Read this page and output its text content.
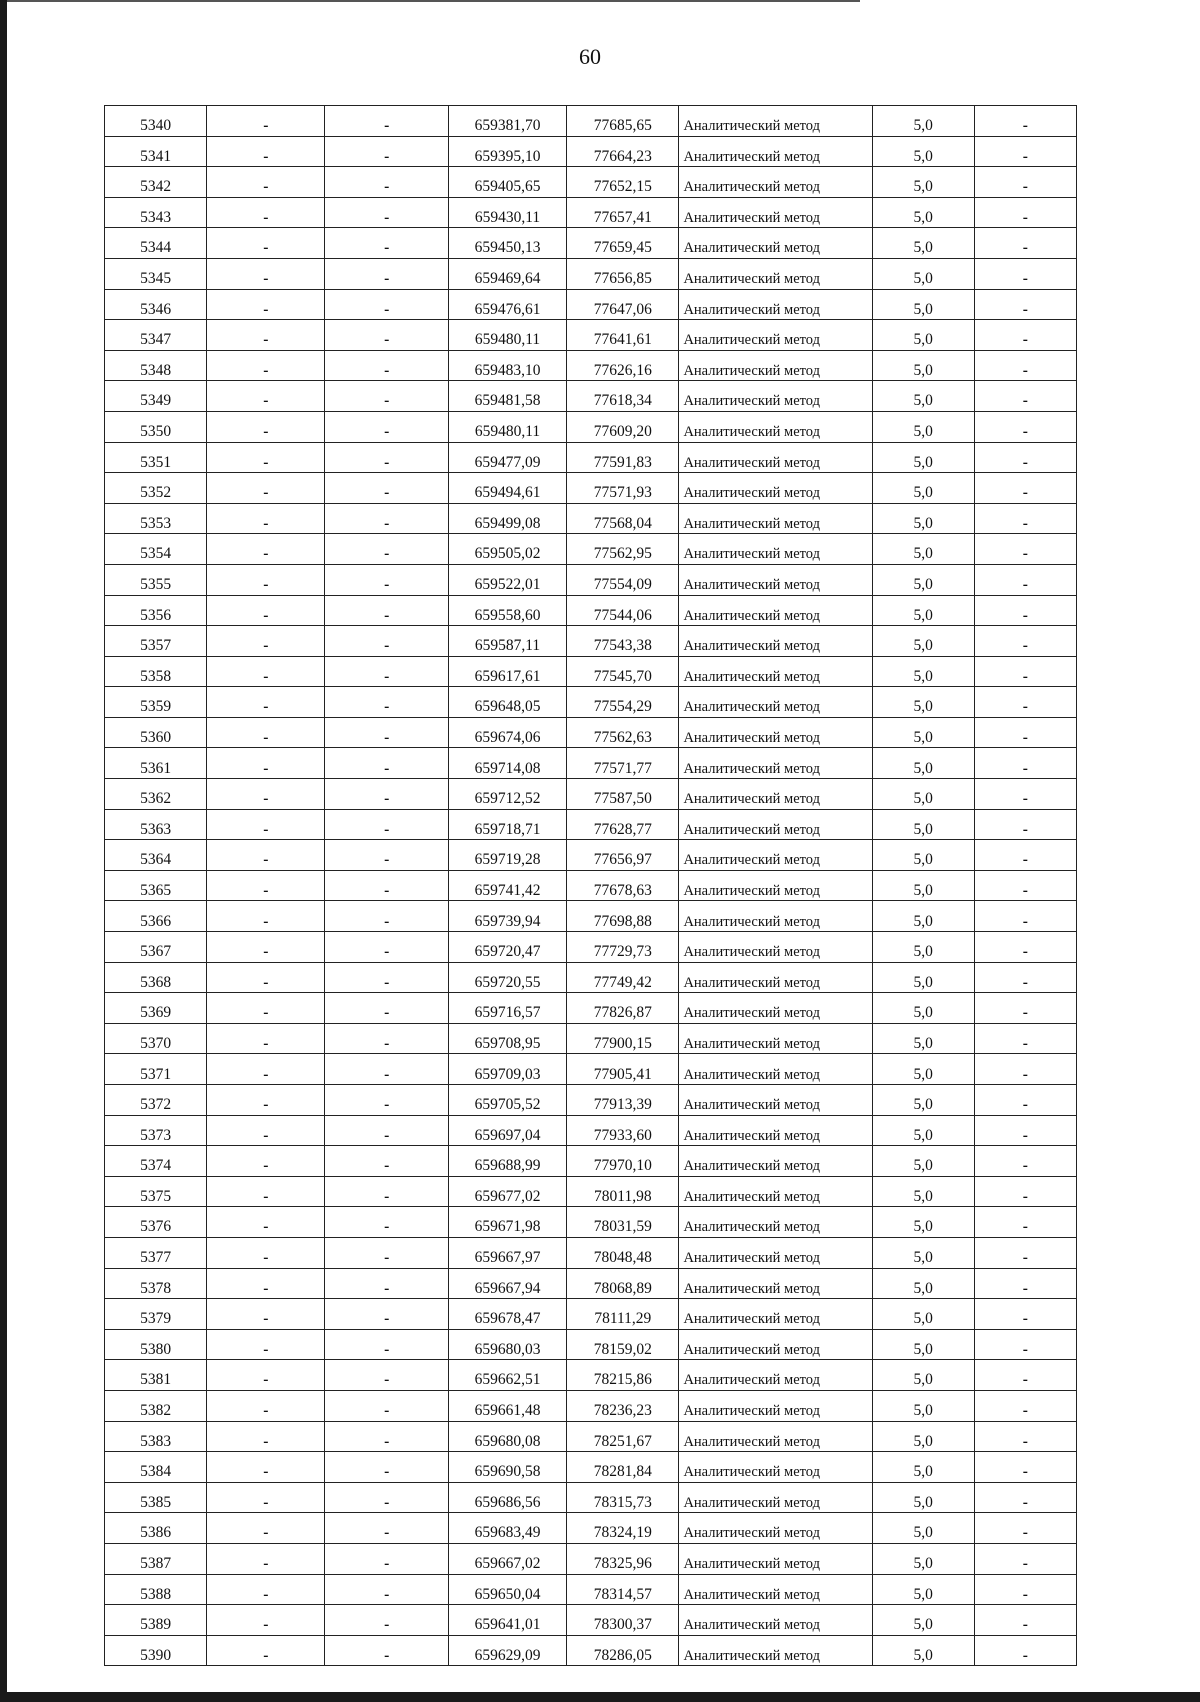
60
5340	-	-	659381,70	77685,65	Аналитический метод	5,0	-
5341	-	-	659395,10	77664,23	Аналитический метод	5,0	-
5342	-	-	659405,65	77652,15	Аналитический метод	5,0	-
5343	-	-	659430,11	77657,41	Аналитический метод	5,0	-
5344	-	-	659450,13	77659,45	Аналитический метод	5,0	-
5345	-	-	659469,64	77656,85	Аналитический метод	5,0	-
5346	-	-	659476,61	77647,06	Аналитический метод	5,0	-
5347	-	-	659480,11	77641,61	Аналитический метод	5,0	-
5348	-	-	659483,10	77626,16	Аналитический метод	5,0	-
5349	-	-	659481,58	77618,34	Аналитический метод	5,0	-
5350	-	-	659480,11	77609,20	Аналитический метод	5,0	-
5351	-	-	659477,09	77591,83	Аналитический метод	5,0	-
5352	-	-	659494,61	77571,93	Аналитический метод	5,0	-
5353	-	-	659499,08	77568,04	Аналитический метод	5,0	-
5354	-	-	659505,02	77562,95	Аналитический метод	5,0	-
5355	-	-	659522,01	77554,09	Аналитический метод	5,0	-
5356	-	-	659558,60	77544,06	Аналитический метод	5,0	-
5357	-	-	659587,11	77543,38	Аналитический метод	5,0	-
5358	-	-	659617,61	77545,70	Аналитический метод	5,0	-
5359	-	-	659648,05	77554,29	Аналитический метод	5,0	-
5360	-	-	659674,06	77562,63	Аналитический метод	5,0	-
5361	-	-	659714,08	77571,77	Аналитический метод	5,0	-
5362	-	-	659712,52	77587,50	Аналитический метод	5,0	-
5363	-	-	659718,71	77628,77	Аналитический метод	5,0	-
5364	-	-	659719,28	77656,97	Аналитический метод	5,0	-
5365	-	-	659741,42	77678,63	Аналитический метод	5,0	-
5366	-	-	659739,94	77698,88	Аналитический метод	5,0	-
5367	-	-	659720,47	77729,73	Аналитический метод	5,0	-
5368	-	-	659720,55	77749,42	Аналитический метод	5,0	-
5369	-	-	659716,57	77826,87	Аналитический метод	5,0	-
5370	-	-	659708,95	77900,15	Аналитический метод	5,0	-
5371	-	-	659709,03	77905,41	Аналитический метод	5,0	-
5372	-	-	659705,52	77913,39	Аналитический метод	5,0	-
5373	-	-	659697,04	77933,60	Аналитический метод	5,0	-
5374	-	-	659688,99	77970,10	Аналитический метод	5,0	-
5375	-	-	659677,02	78011,98	Аналитический метод	5,0	-
5376	-	-	659671,98	78031,59	Аналитический метод	5,0	-
5377	-	-	659667,97	78048,48	Аналитический метод	5,0	-
5378	-	-	659667,94	78068,89	Аналитический метод	5,0	-
5379	-	-	659678,47	78111,29	Аналитический метод	5,0	-
5380	-	-	659680,03	78159,02	Аналитический метод	5,0	-
5381	-	-	659662,51	78215,86	Аналитический метод	5,0	-
5382	-	-	659661,48	78236,23	Аналитический метод	5,0	-
5383	-	-	659680,08	78251,67	Аналитический метод	5,0	-
5384	-	-	659690,58	78281,84	Аналитический метод	5,0	-
5385	-	-	659686,56	78315,73	Аналитический метод	5,0	-
5386	-	-	659683,49	78324,19	Аналитический метод	5,0	-
5387	-	-	659667,02	78325,96	Аналитический метод	5,0	-
5388	-	-	659650,04	78314,57	Аналитический метод	5,0	-
5389	-	-	659641,01	78300,37	Аналитический метод	5,0	-
5390	-	-	659629,09	78286,05	Аналитический метод	5,0	-
